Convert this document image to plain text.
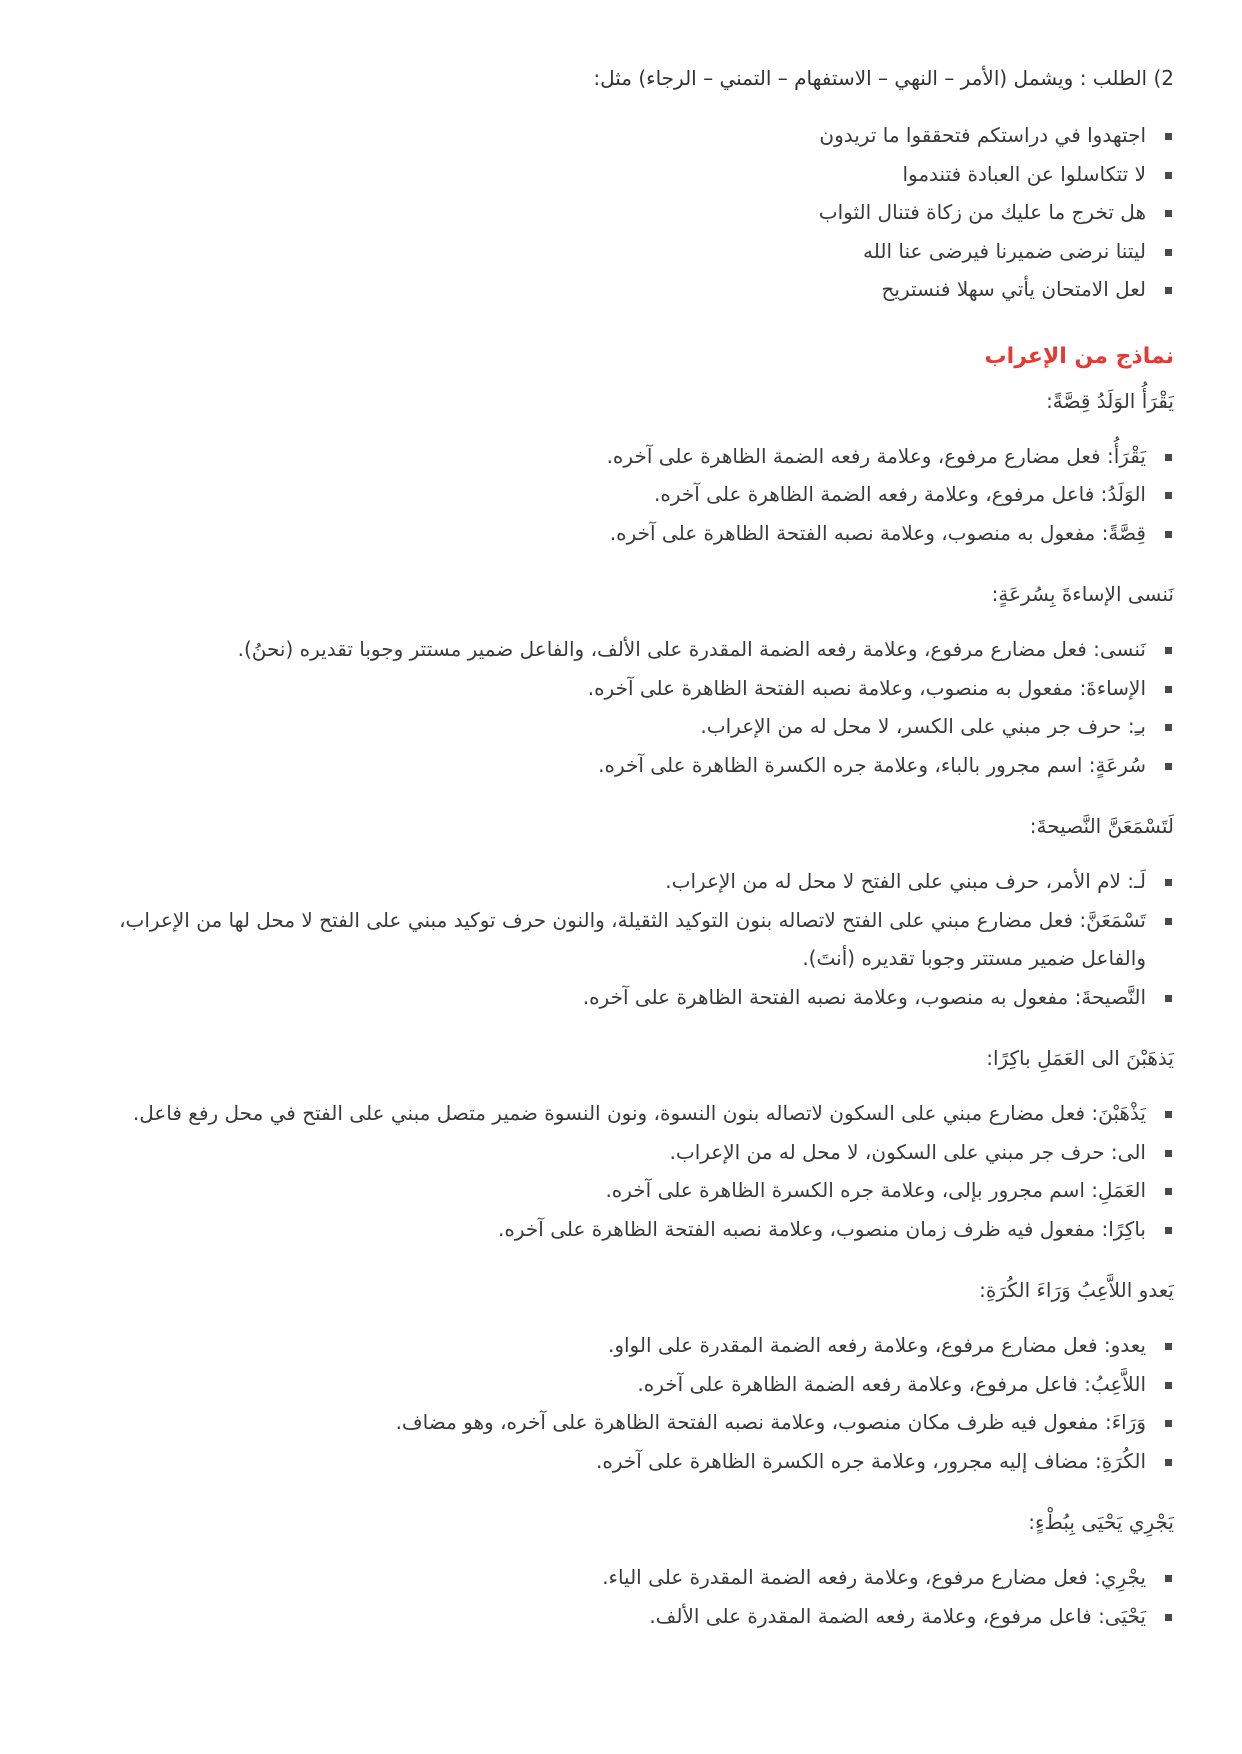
2) الطلب : ويشمل (الأمر – النهي – الاستفهام – التمني – الرجاء) مثل:

اجتهدوا في دراستكم فتحققوا ما تريدون
لا تتكاسلوا عن العبادة فتندموا
هل تخرج ما عليك من زكاة فتنال الثواب
ليتنا نرضى ضميرنا فيرضى عنا الله
لعل الامتحان يأتي سهلا فنستريح
نماذج من الإعراب

يَقْرَأُ الوَلَدُ قِصَّةً:

يَقْرَأُ: فعل مضارع مرفوع، وعلامة رفعه الضمة الظاهرة على آخره.
الوَلَدُ: فاعل مرفوع، وعلامة رفعه الضمة الظاهرة على آخره.
قِصَّةً: مفعول به منصوب، وعلامة نصبه الفتحة الظاهرة على آخره.

نَنسى الإساءةَ بِسُرعَةٍ:

نَنسى: فعل مضارع مرفوع، وعلامة رفعه الضمة المقدرة على الألف، والفاعل ضمير مستتر وجوبا تقديره (نحنُ).
الإساءةَ: مفعول به منصوب، وعلامة نصبه الفتحة الظاهرة على آخره.
بـِ: حرف جر مبني على الكسر، لا محل له من الإعراب.
سُرعَةٍ: اسم مجرور بالباء، وعلامة جره الكسرة الظاهرة على آخره.

لَتَسْمَعَنَّ النَّصيحةَ:

لَـ: لام الأمر، حرف مبني على الفتح لا محل له من الإعراب.
تَسْمَعَنَّ: فعل مضارع مبني على الفتح لاتصاله بنون التوكيد الثقيلة، والنون حرف توكيد مبني على الفتح لا محل لها من الإعراب، والفاعل ضمير مستتر وجوبا تقديره (أنتَ).
النَّصيحةَ: مفعول به منصوب، وعلامة نصبه الفتحة الظاهرة على آخره.

يَذهَبْنَ الى العَمَلِ باكِرًا:

يَذْهَبْنَ: فعل مضارع مبني على السكون لاتصاله بنون النسوة، ونون النسوة ضمير متصل مبني على الفتح في محل رفع فاعل.
الى: حرف جر مبني على السكون، لا محل له من الإعراب.
العَمَلِ: اسم مجرور بإلى، وعلامة جره الكسرة الظاهرة على آخره.
باكِرًا: مفعول فيه ظرف زمان منصوب، وعلامة نصبه الفتحة الظاهرة على آخره.

يَعدو اللاَّعِبُ وَرَاءَ الكُرَةِ:

يعدو: فعل مضارع مرفوع، وعلامة رفعه الضمة المقدرة على الواو.
اللاَّعِبُ: فاعل مرفوع، وعلامة رفعه الضمة الظاهرة على آخره.
وَرَاءَ: مفعول فيه ظرف مكان منصوب، وعلامة نصبه الفتحة الظاهرة على آخره، وهو مضاف.
الكُرَةِ: مضاف إليه مجرور، وعلامة جره الكسرة الظاهرة على آخره.

يَجْرِي يَحْيَى بِبُطْءٍ:

يجْرِي: فعل مضارع مرفوع، وعلامة رفعه الضمة المقدرة على الياء.
يَحْيَى: فاعل مرفوع، وعلامة رفعه الضمة المقدرة على الألف.
